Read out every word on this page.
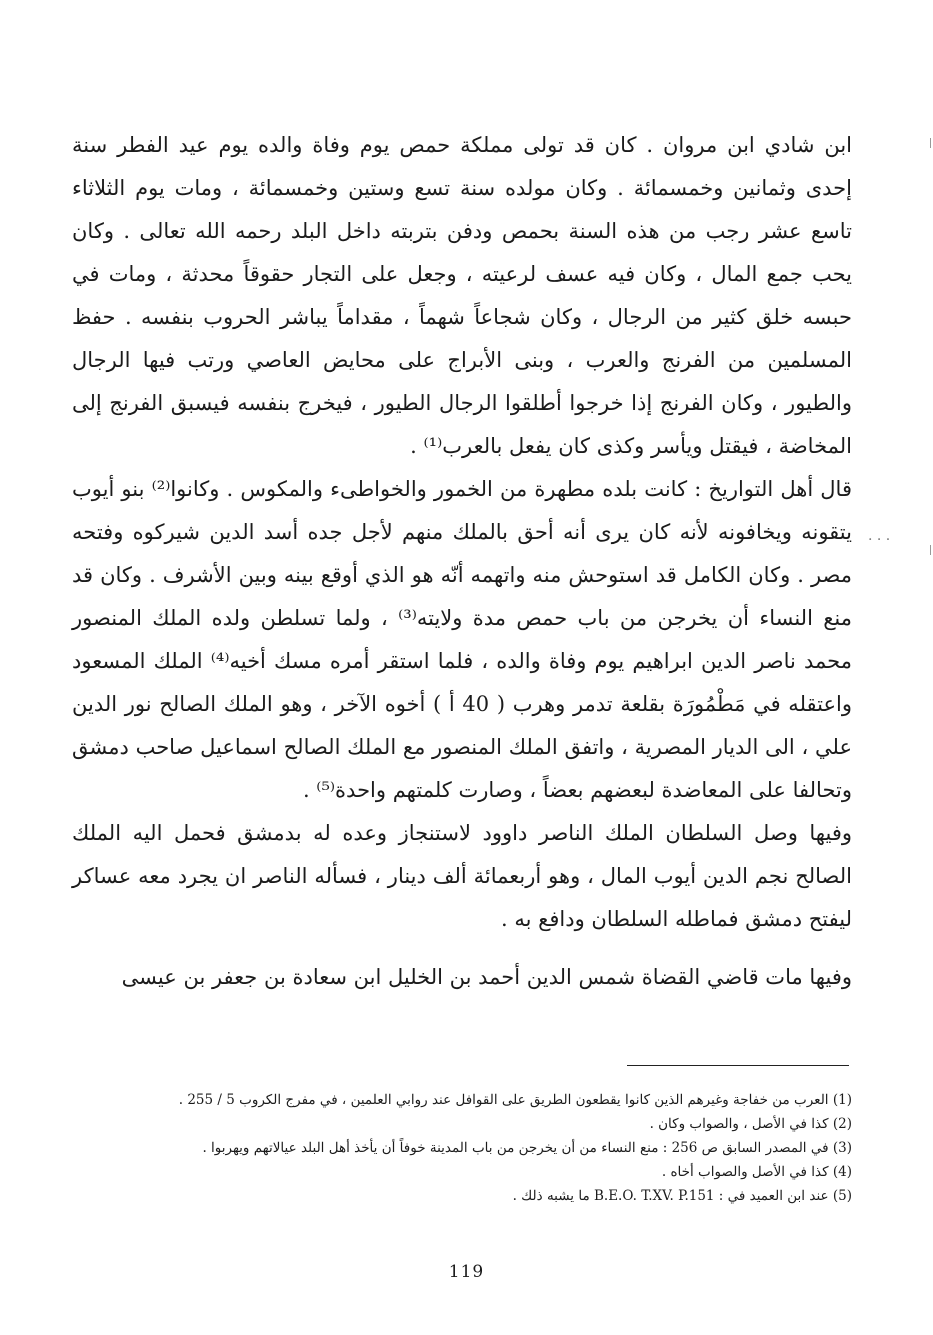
ابن شادي ابن مروان . كان قد تولى مملكة حمص يوم وفاة والده يوم عيد الفطر سنة إحدى وثمانين وخمسمائة . وكان مولده سنة تسع وستين وخمسمائة ، ومات يوم الثلاثاء تاسع عشر رجب من هذه السنة بحمص ودفن بتربته داخل البلد رحمه الله تعالى . وكان يحب جمع المال ، وكان فيه عسف لرعيته ، وجعل على التجار حقوقاً محدثة ، ومات في حبسه خلق كثير من الرجال ، وكان شجاعاً شهماً ، مقداماً يباشر الحروب بنفسه . حفظ المسلمين من الفرنج والعرب ، وبنى الأبراج على محايض العاصي ورتب فيها الرجال والطيور ، وكان الفرنج إذا خرجوا أطلقوا الرجال الطيور ، فيخرج بنفسه فيسبق الفرنج إلى المخاضة ، فيقتل ويأسر وكذى كان يفعل بالعرب⁽¹⁾ .

قال أهل التواريخ : كانت بلده مطهرة من الخمور والخواطىء والمكوس . وكانوا⁽²⁾ بنو أيوب يتقونه ويخافونه لأنه كان يرى أنه أحق بالملك منهم لأجل جده أسد الدين شيركوه وفتحه مصر . وكان الكامل قد استوحش منه واتهمه أنّه هو الذي أوقع بينه وبين الأشرف . وكان قد منع النساء أن يخرجن من باب حمص مدة ولايته⁽³⁾ ، ولما تسلطن ولده الملك المنصور محمد ناصر الدين ابراهيم يوم وفاة والده ، فلما استقر أمره مسك أخيه⁽⁴⁾ الملك المسعود واعتقله في مَطْمُورَة بقلعة تدمر وهرب ( 40 أ ) أخوه الآخر ، وهو الملك الصالح نور الدين علي ، الى الديار المصرية ، واتفق الملك المنصور مع الملك الصالح اسماعيل صاحب دمشق وتحالفا على المعاضدة لبعضهم بعضاً ، وصارت كلمتهم واحدة⁽⁵⁾ .

وفيها وصل السلطان الملك الناصر داوود لاستنجاز وعده له بدمشق فحمل اليه الملك الصالح نجم الدين أيوب المال ، وهو أربعمائة ألف دينار ، فسأله الناصر ان يجرد معه عساكر ليفتح دمشق فماطله السلطان ودافع به .

وفيها مات قاضي القضاة شمس الدين أحمد بن الخليل ابن سعادة بن جعفر بن عيسى

(1) العرب من خفاجة وغيرهم الذين كانوا يقطعون الطريق على القوافل عند روابي العلمين ، في مفرج الكروب 5 / 255 .

(2) كذا في الأصل ، والصواب وكان .

(3) في المصدر السابق ص 256 : منع النساء من أن يخرجن من باب المدينة خوفاً أن يأخذ أهل البلد عيالاتهم ويهربوا .

(4) كذا في الأصل والصواب أخاه .

(5) عند ابن العميد في : B.E.O. T.XV. P.151 ما يشبه ذلك .

119
. . .
